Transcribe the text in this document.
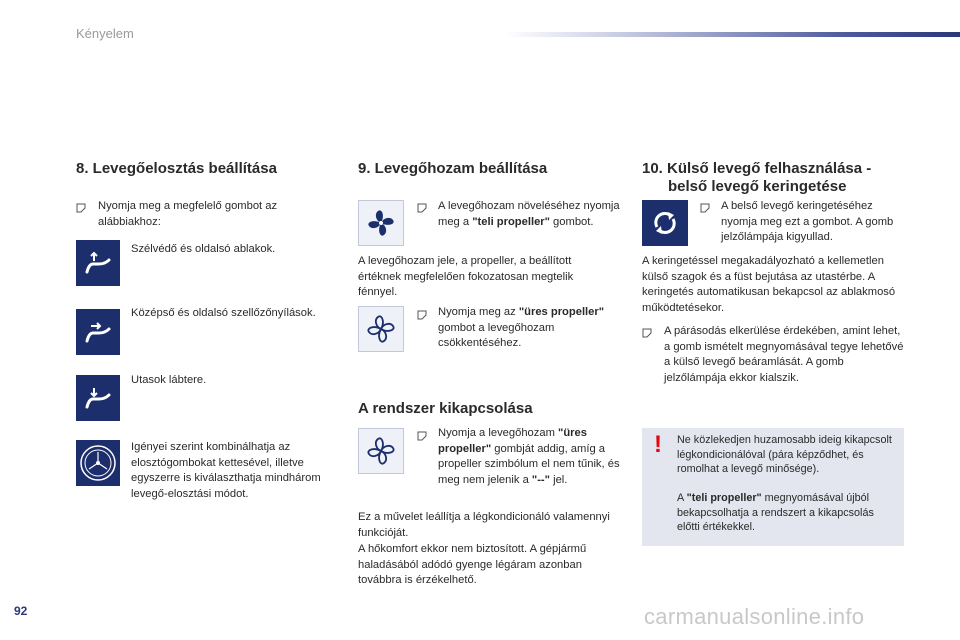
Kényelem
8. Levegőelosztás beállítása
Nyomja meg a megfelelő gombot az alábbiakhoz:
Szélvédő és oldalsó ablakok.
Középső és oldalsó szellőzőnyílások.
Utasok lábtere.
Igényei szerint kombinálhatja az elosztógombokat kettesével, illetve egyszerre is kiválaszthatja mindhárom levegő-elosztási módot.
9. Levegőhozam beállítása
A levegőhozam növeléséhez nyomja meg a "teli propeller" gombot.
A levegőhozam jele, a propeller, a beállított értéknek megfelelően fokozatosan megtelik fénnyel.
Nyomja meg az "üres propeller" gombot a levegőhozam csökkentéséhez.
A rendszer kikapcsolása
Nyomja a levegőhozam "üres propeller" gombját addig, amíg a propeller szimbólum el nem tűnik, és meg nem jelenik a "--" jel.
Ez a művelet leállítja a légkondicionáló valamennyi funkcióját.
A hőkomfort ekkor nem biztosított. A gépjármű haladásából adódó gyenge légáram azonban továbbra is érzékelhető.
10. Külső levegő felhasználása -
belső levegő keringetése
A belső levegő keringetéséhez nyomja meg ezt a gombot. A gomb jelzőlámpája kigyullad.
A keringetéssel megakadályozható a kellemetlen külső szagok és a füst bejutása az utastérbe. A keringetés automatikusan bekapcsol az ablakmosó működtetésekor.
A párásodás elkerülése érdekében, amint lehet, a gomb ismételt megnyomásával tegye lehetővé a külső levegő beáramlását. A gomb jelzőlámpája ekkor kialszik.
!	Ne közlekedjen huzamosabb ideig kikapcsolt légkondicionálóval (pára képződhet, és romolhat a levegő minősége).
A "teli propeller" megnyomásával újból bekapcsolhatja a rendszert a kikapcsolás előtti értékekkel.
92	carmanualsonline.info
